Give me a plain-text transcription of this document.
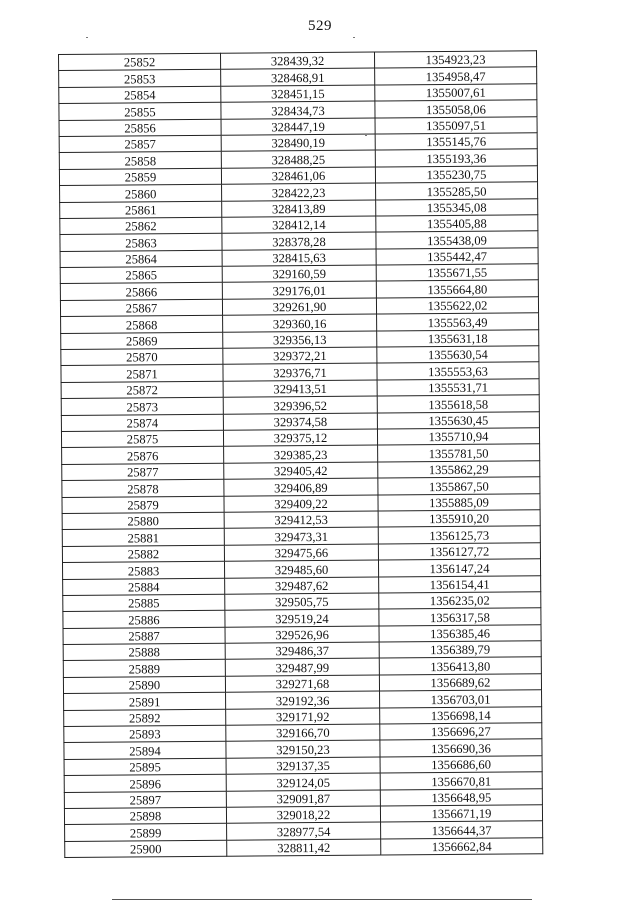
529
25852	328439,32	1354923,23
25853	328468,91	1354958,47
25854	328451,15	1355007,61
25855	328434,73	1355058,06
25856	328447,19	1355097,51
25857	328490,19	1355145,76
25858	328488,25	1355193,36
25859	328461,06	1355230,75
25860	328422,23	1355285,50
25861	328413,89	1355345,08
25862	328412,14	1355405,88
25863	328378,28	1355438,09
25864	328415,63	1355442,47
25865	329160,59	1355671,55
25866	329176,01	1355664,80
25867	329261,90	1355622,02
25868	329360,16	1355563,49
25869	329356,13	1355631,18
25870	329372,21	1355630,54
25871	329376,71	1355553,63
25872	329413,51	1355531,71
25873	329396,52	1355618,58
25874	329374,58	1355630,45
25875	329375,12	1355710,94
25876	329385,23	1355781,50
25877	329405,42	1355862,29
25878	329406,89	1355867,50
25879	329409,22	1355885,09
25880	329412,53	1355910,20
25881	329473,31	1356125,73
25882	329475,66	1356127,72
25883	329485,60	1356147,24
25884	329487,62	1356154,41
25885	329505,75	1356235,02
25886	329519,24	1356317,58
25887	329526,96	1356385,46
25888	329486,37	1356389,79
25889	329487,99	1356413,80
25890	329271,68	1356689,62
25891	329192,36	1356703,01
25892	329171,92	1356698,14
25893	329166,70	1356696,27
25894	329150,23	1356690,36
25895	329137,35	1356686,60
25896	329124,05	1356670,81
25897	329091,87	1356648,95
25898	329018,22	1356671,19
25899	328977,54	1356644,37
25900	328811,42	1356662,84
